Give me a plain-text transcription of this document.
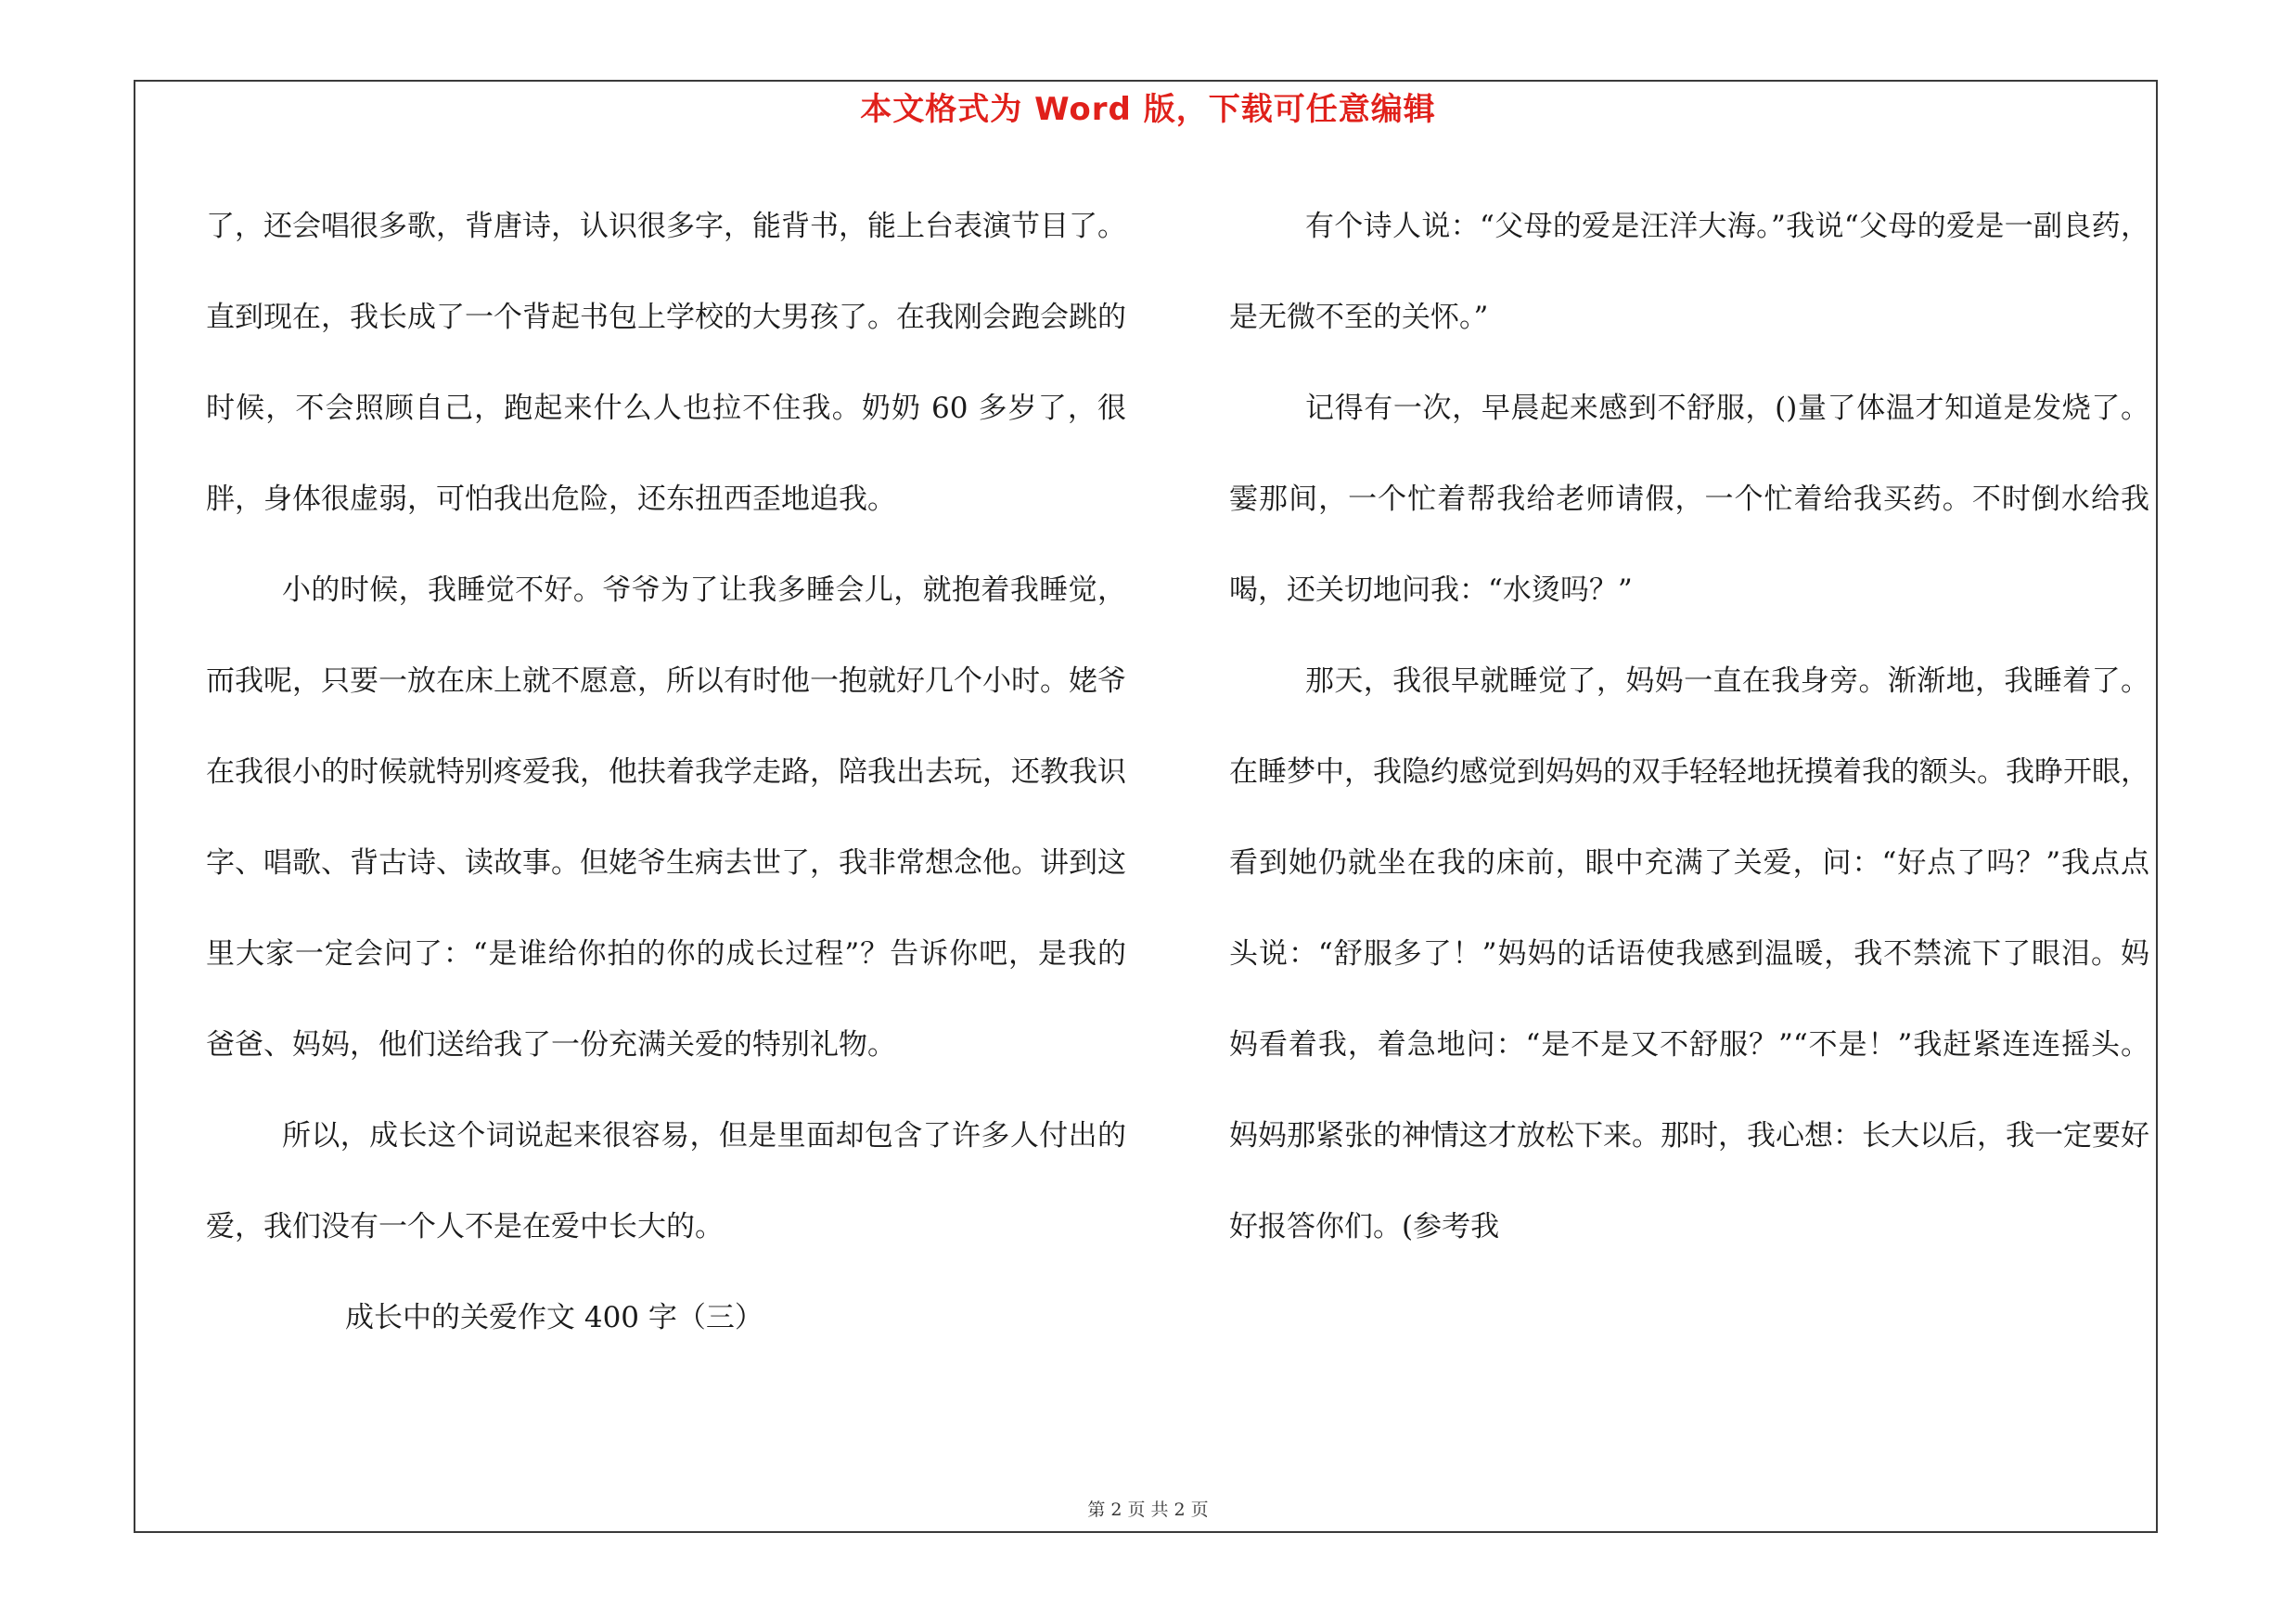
本文格式为 Word 版，下载可任意编辑

了，还会唱很多歌，背唐诗，认识很多字，能背书，能上台表演节目了。直到现在，我长成了一个背起书包上学校的大男孩了。在我刚会跑会跳的时候，不会照顾自己，跑起来什么人也拉不住我。奶奶 60 多岁了，很胖，身体很虚弱，可怕我出危险，还东扭西歪地追我。

小的时候，我睡觉不好。爷爷为了让我多睡会儿，就抱着我睡觉，而我呢，只要一放在床上就不愿意，所以有时他一抱就好几个小时。姥爷在我很小的时候就特别疼爱我，他扶着我学走路，陪我出去玩，还教我识字、唱歌、背古诗、读故事。但姥爷生病去世了，我非常想念他。讲到这里大家一定会问了：“是谁给你拍的你的成长过程”？告诉你吧，是我的爸爸、妈妈，他们送给我了一份充满关爱的特别礼物。

所以，成长这个词说起来很容易，但是里面却包含了许多人付出的爱，我们没有一个人不是在爱中长大的。

成长中的关爱作文 400 字（三）

有个诗人说：“父母的爱是汪洋大海。”我说“父母的爱是一副良药，是无微不至的关怀。”

记得有一次，早晨起来感到不舒服，()量了体温才知道是发烧了。霎那间，一个忙着帮我给老师请假，一个忙着给我买药。不时倒水给我喝，还关切地问我：“水烫吗？”

那天，我很早就睡觉了，妈妈一直在我身旁。渐渐地，我睡着了。在睡梦中，我隐约感觉到妈妈的双手轻轻地抚摸着我的额头。我睁开眼，看到她仍就坐在我的床前，眼中充满了关爱，问：“好点了吗？”我点点头说：“舒服多了！”妈妈的话语使我感到温暖，我不禁流下了眼泪。妈妈看着我，着急地问：“是不是又不舒服？”“不是！”我赶紧连连摇头。妈妈那紧张的神情这才放松下来。那时，我心想：长大以后，我一定要好好报答你们。(参考我

第 2 页 共 2 页
